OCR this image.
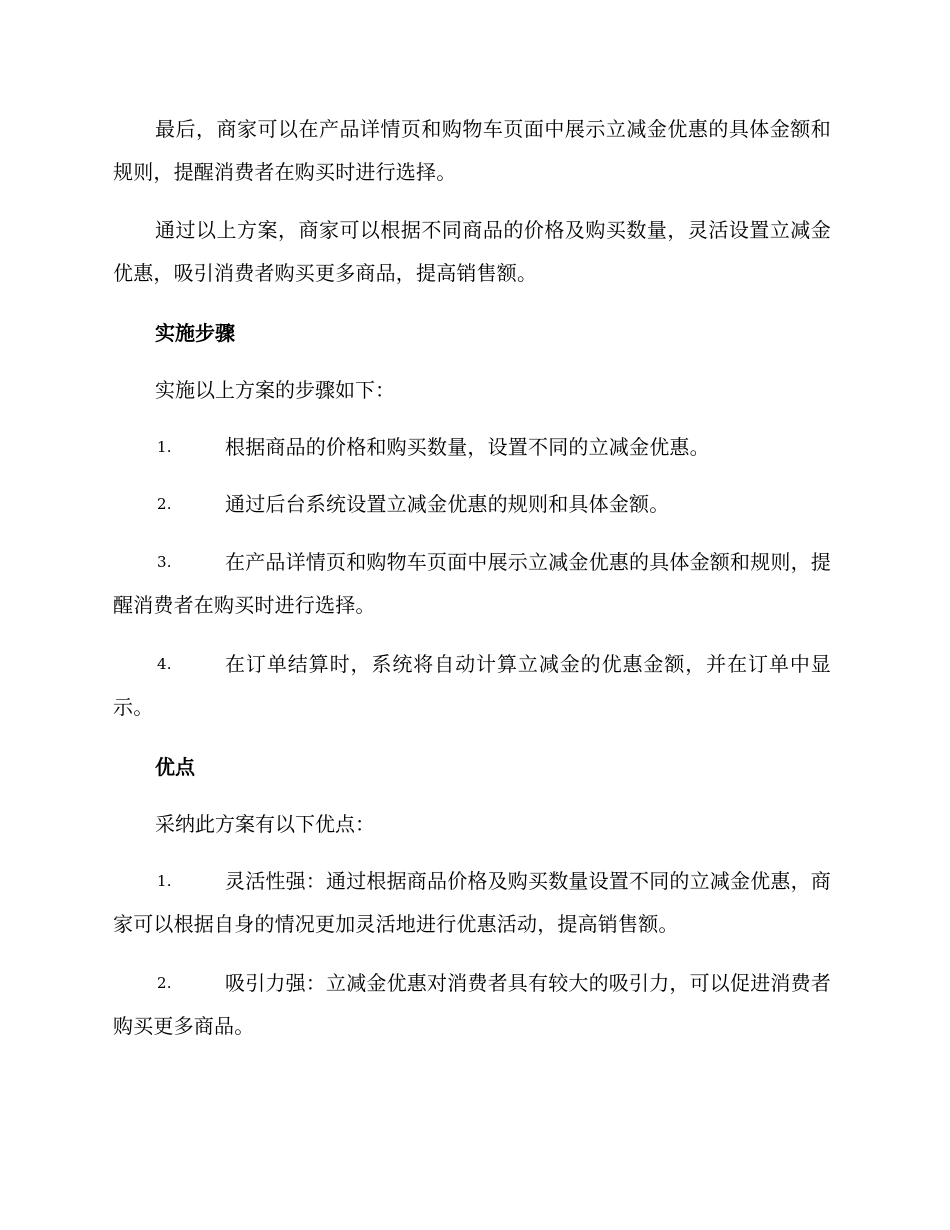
最后，商家可以在产品详情页和购物车页面中展示立减金优惠的具体金额和规则，提醒消费者在购买时进行选择。

通过以上方案，商家可以根据不同商品的价格及购买数量，灵活设置立减金优惠，吸引消费者购买更多商品，提高销售额。

实施步骤

实施以上方案的步骤如下：

1.	根据商品的价格和购买数量，设置不同的立减金优惠。
2.	通过后台系统设置立减金优惠的规则和具体金额。
3.	在产品详情页和购物车页面中展示立减金优惠的具体金额和规则，提醒消费者在购买时进行选择。
4.	在订单结算时，系统将自动计算立减金的优惠金额，并在订单中显示。
优点

采纳此方案有以下优点：

1.	灵活性强：通过根据商品价格及购买数量设置不同的立减金优惠，商家可以根据自身的情况更加灵活地进行优惠活动，提高销售额。
2.	吸引力强：立减金优惠对消费者具有较大的吸引力，可以促进消费者购买更多商品。
